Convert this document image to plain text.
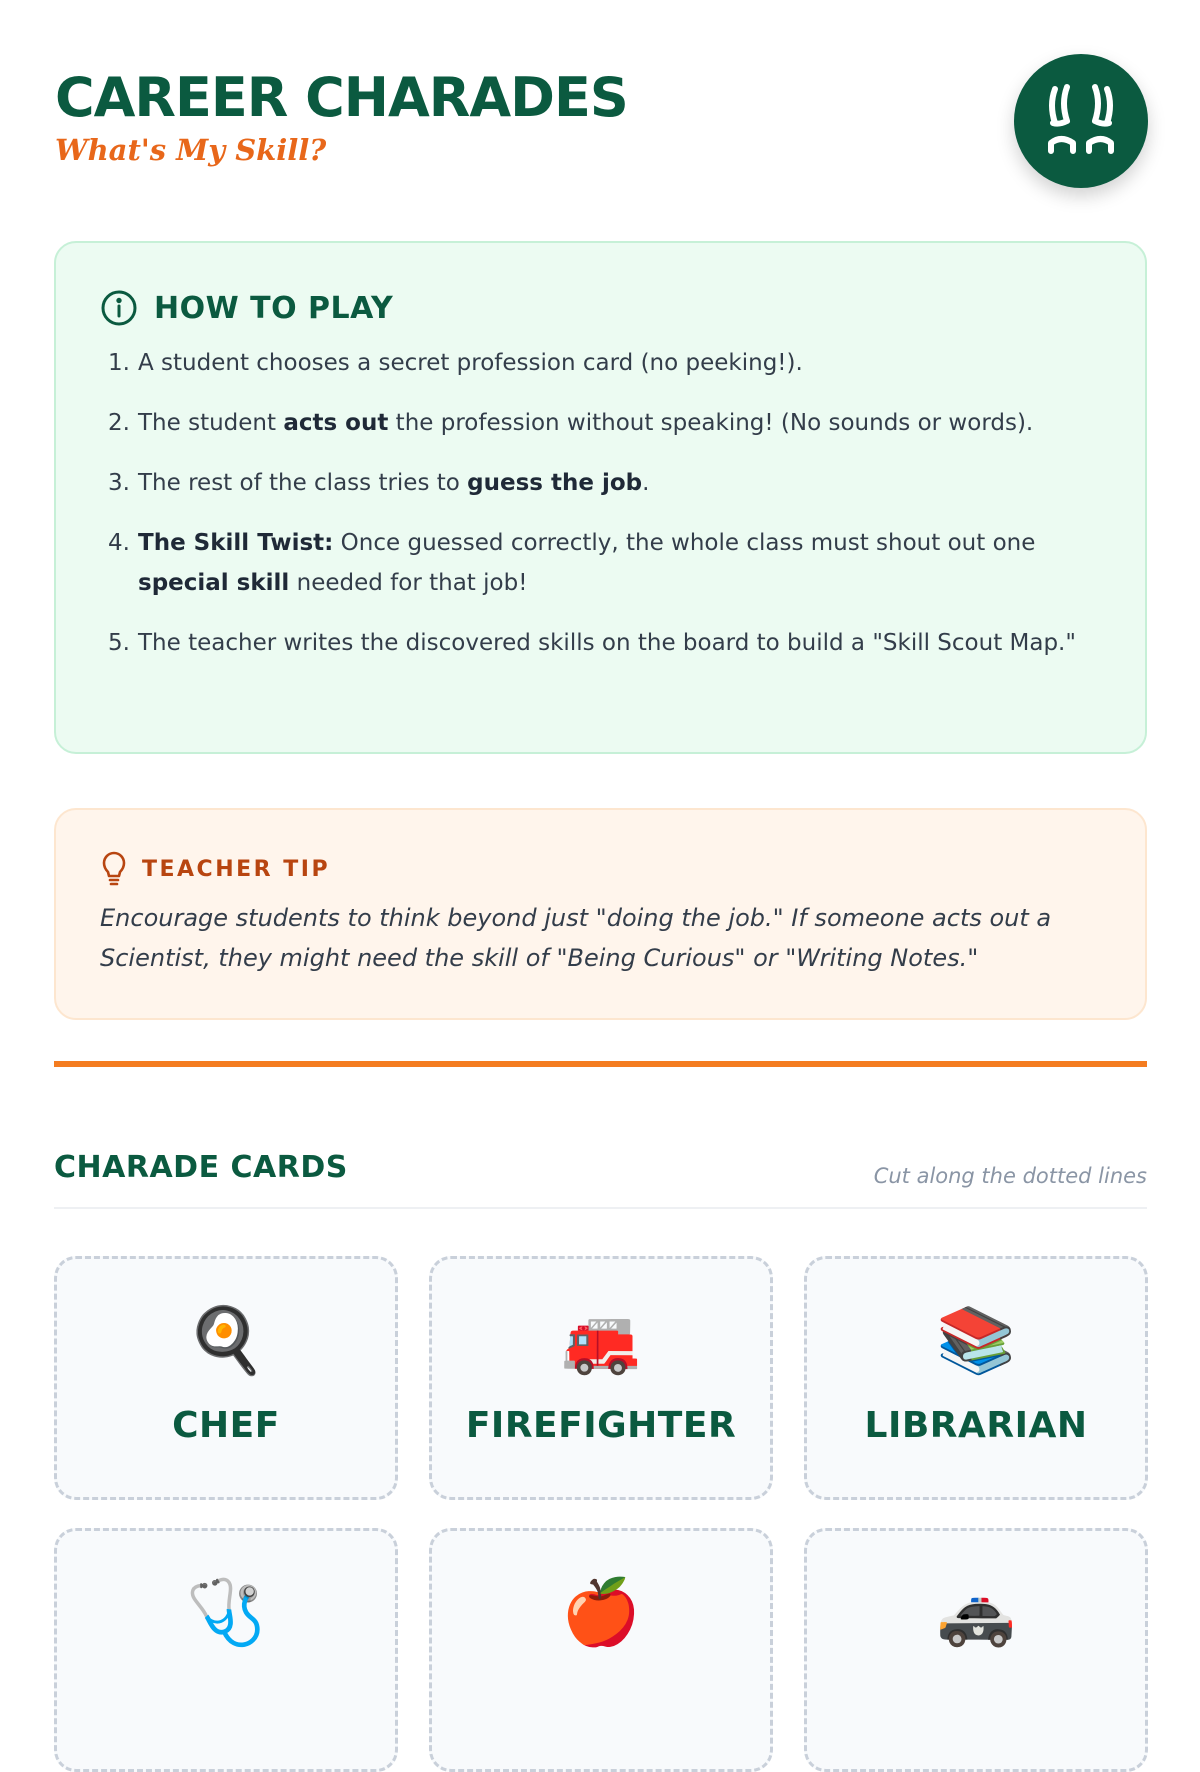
CAREER CHARADES
What's My Skill?
HOW TO PLAY
1. A student chooses a secret profession card (no peeking!).
2. The student acts out the profession without speaking! (No sounds or words).
3. The rest of the class tries to guess the job.
4. The Skill Twist: Once guessed correctly, the whole class must shout out one special skill needed for that job!
5. The teacher writes the discovered skills on the board to build a "Skill Scout Map."
TEACHER TIP
Encourage students to think beyond just "doing the job." If someone acts out a Scientist, they might need the skill of "Being Curious" or "Writing Notes."
CHARADE CARDS	Cut along the dotted lines
🍳
CHEF
🚒
FIREFIGHTER
📚
LIBRARIAN
🩺	🍎	🚓
